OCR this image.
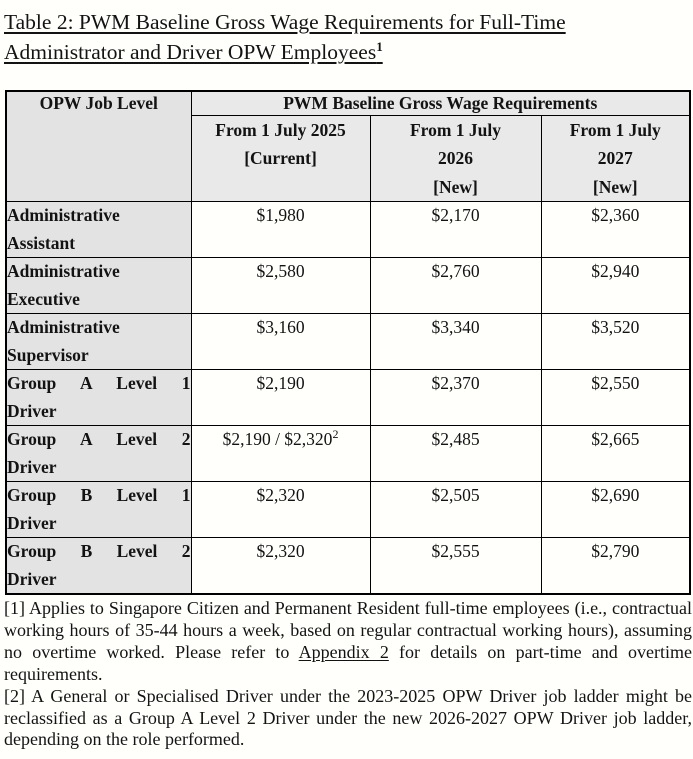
Table 2: PWM Baseline Gross Wage Requirements for Full-Time Administrator and Driver OPW Employees$^1$
OPW Job Level	PWM Baseline Gross Wage Requirements		

From 1 July 2025
[Current]

From 1 July
2026
[New]

From 1 July
2027
[New]

Administrative
Assistant	$1,980	$2,170	$2,360

Administrative
Executive	$2,580	$2,760	$2,940

Administrative
Supervisor	$3,160	$3,340	$3,520

Group A Level 1
Driver	$2,190	$2,370	$2,550

Group A Level 2
Driver	$2,190 / $2,320$^2$	$2,485	$2,665

Group B Level 1
Driver	$2,320	$2,505	$2,690

Group B Level 2
Driver	$2,320	$2,555	$2,790

[1] Applies to Singapore Citizen and Permanent Resident full-time employees (i.e., contractual working hours of 35-44 hours a week, based on regular contractual working hours), assuming no overtime worked. Please refer to Appendix 2 for details on part-time and overtime requirements.

[2] A General or Specialised Driver under the 2023-2025 OPW Driver job ladder might be reclassified as a Group A Level 2 Driver under the new 2026-2027 OPW Driver job ladder, depending on the role performed.
